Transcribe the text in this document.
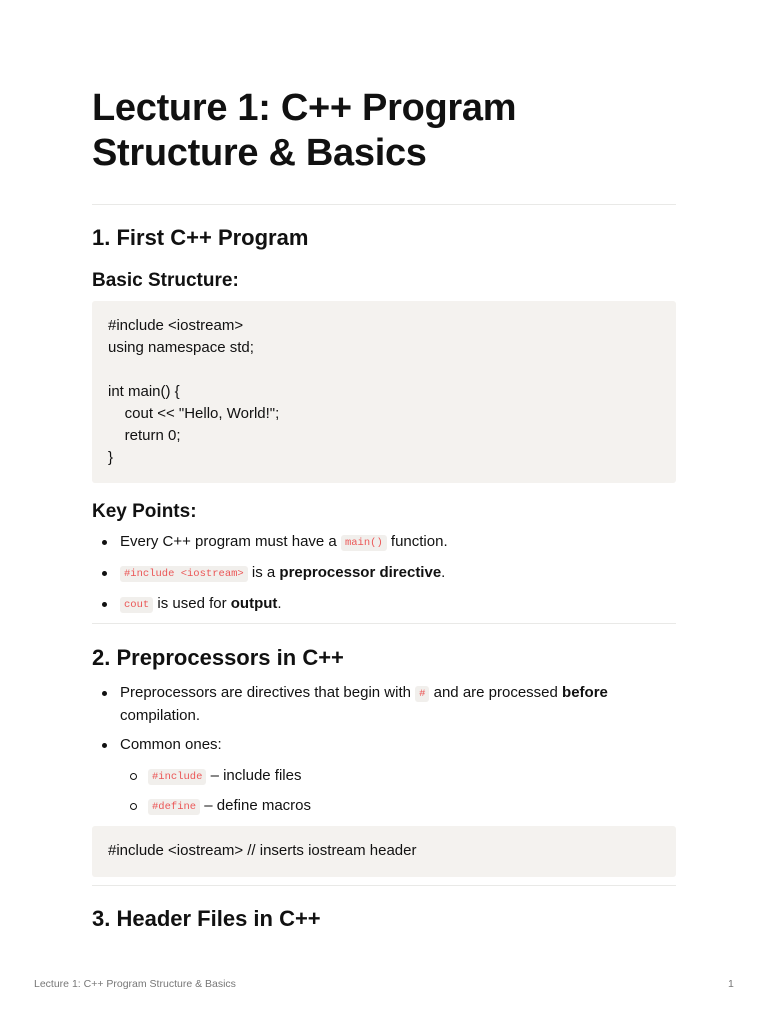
Lecture 1: C++ Program Structure & Basics
1. First C++ Program
Basic Structure:
#include <iostream>
using namespace std;

int main() {
cout << "Hello, World!";
return 0;
}
Key Points:
Every C++ program must have a main() function.
#include <iostream> is a preprocessor directive.
cout is used for output.
2. Preprocessors in C++
Preprocessors are directives that begin with # and are processed before
compilation.
Common ones:
#include – include files
#define – define macros
#include <iostream> // inserts iostream header
3. Header Files in C++
Lecture 1: C++ Program Structure & Basics	1
